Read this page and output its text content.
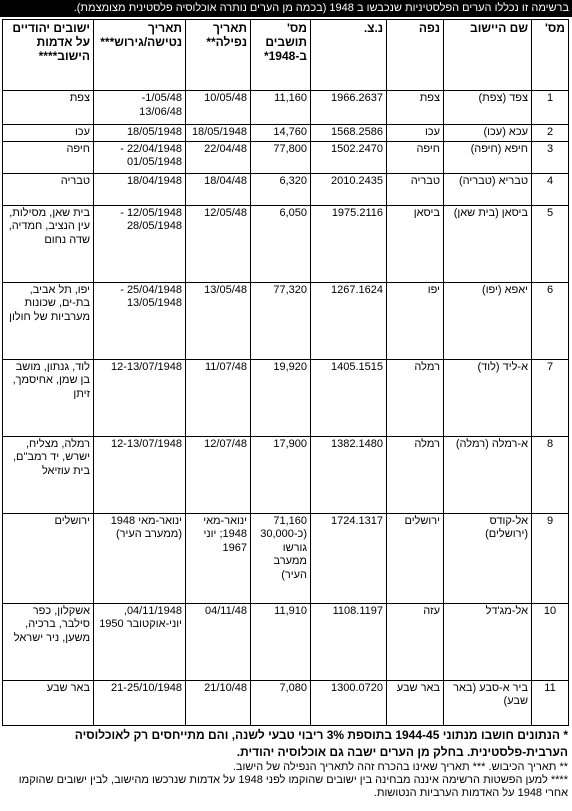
ברשימה זו נכללו הערים הפלסטיניות שנכבשו ב 1948 (בכמה מן הערים נותרה אוכלוסיה פלסטינית מצומצמת).
מס'	שם היישוב	נפה	נ.צ.	מס' תושבים ב-1948*	תאריך נפילה**	תאריך נטישה/גירוש***	ישובים יהודיים על אדמות הישוב****
1	צפד (צפת)	צפת	1966.2637	11,160	10/05/48	1/05/48- 13/06/48	צפת
2	עכא (עכו)	עכו	1568.2586	14,760	18/05/1948	18/05/1948	עכו
3	חיפא (חיפה)	חיפה	1502.2470	77,800	22/04/48	22/04/1948 - 01/05/1948	חיפה
4	טבריא (טבריה)	טבריה	2010.2435	6,320	18/04/48	18/04/1948	טבריה
5	ביסאן (בית שאן)	ביסאן	1975.2116	6,050	12/05/48	12/05/1948 - 28/05/1948	בית שאן, מסילות, עין הנציב, חמדיה, שדה נחום
6	יאפא (יפו)	יפו	1267.1624	77,320	13/05/48	25/04/1948 - 13/05/1948	יפו, תל אביב, בת-ים, שכונות מערביות של חולון
7	א-ליד (לוד)	רמלה	1405.1515	19,920	11/07/48	12-13/07/1948	לוד, גנתון, מושב בן שמן, אחיסמך, זיתן
8	א-רמלה (רמלה)	רמלה	1382.1480	17,900	12/07/48	12-13/07/1948	רמלה, מצליח, ישרש, יד רמב"ם, בית עוזיאל
9	אל-קודס (ירושלים)	ירושלים	1724.1317	71,160 (כ-30,000 גורשו ממערב העיר)	ינואר-מאי 1948; יוני 1967	ינואר-מאי 1948 (ממערב העיר)	ירושלים
10	אל-מג'דל	עזה	1108.1197	11,910	04/11/48	04/11/1948, יוני-אוקטובר 1950	אשקלון, כפר סילבר, ברכיה, משען, ניר ישראל
11	ביר א-סבע (באר שבע)	באר שבע	1300.0720	7,080	21/10/48	21-25/10/1948	באר שבע

* הנתונים חושבו מנתוני 1944-45 בתוספת 3% ריבוי טבעי לשנה, והם מתייחסים רק לאוכלוסיה הערבית-פלסטינית. בחלק מן הערים ישבה גם אוכלוסיה יהודית.

** תאריך הכיבוש. *** תאריך שאינו בהכרח זהה לתאריך הנפילה של הישוב.

**** למען הפשטות הרשימה איננה מבחינה בין ישובים שהוקמו לפני 1948 על אדמות שנרכשו מהישוב, לבין ישובים שהוקמו אחרי 1948 על האדמות הערביות הנטושות.
